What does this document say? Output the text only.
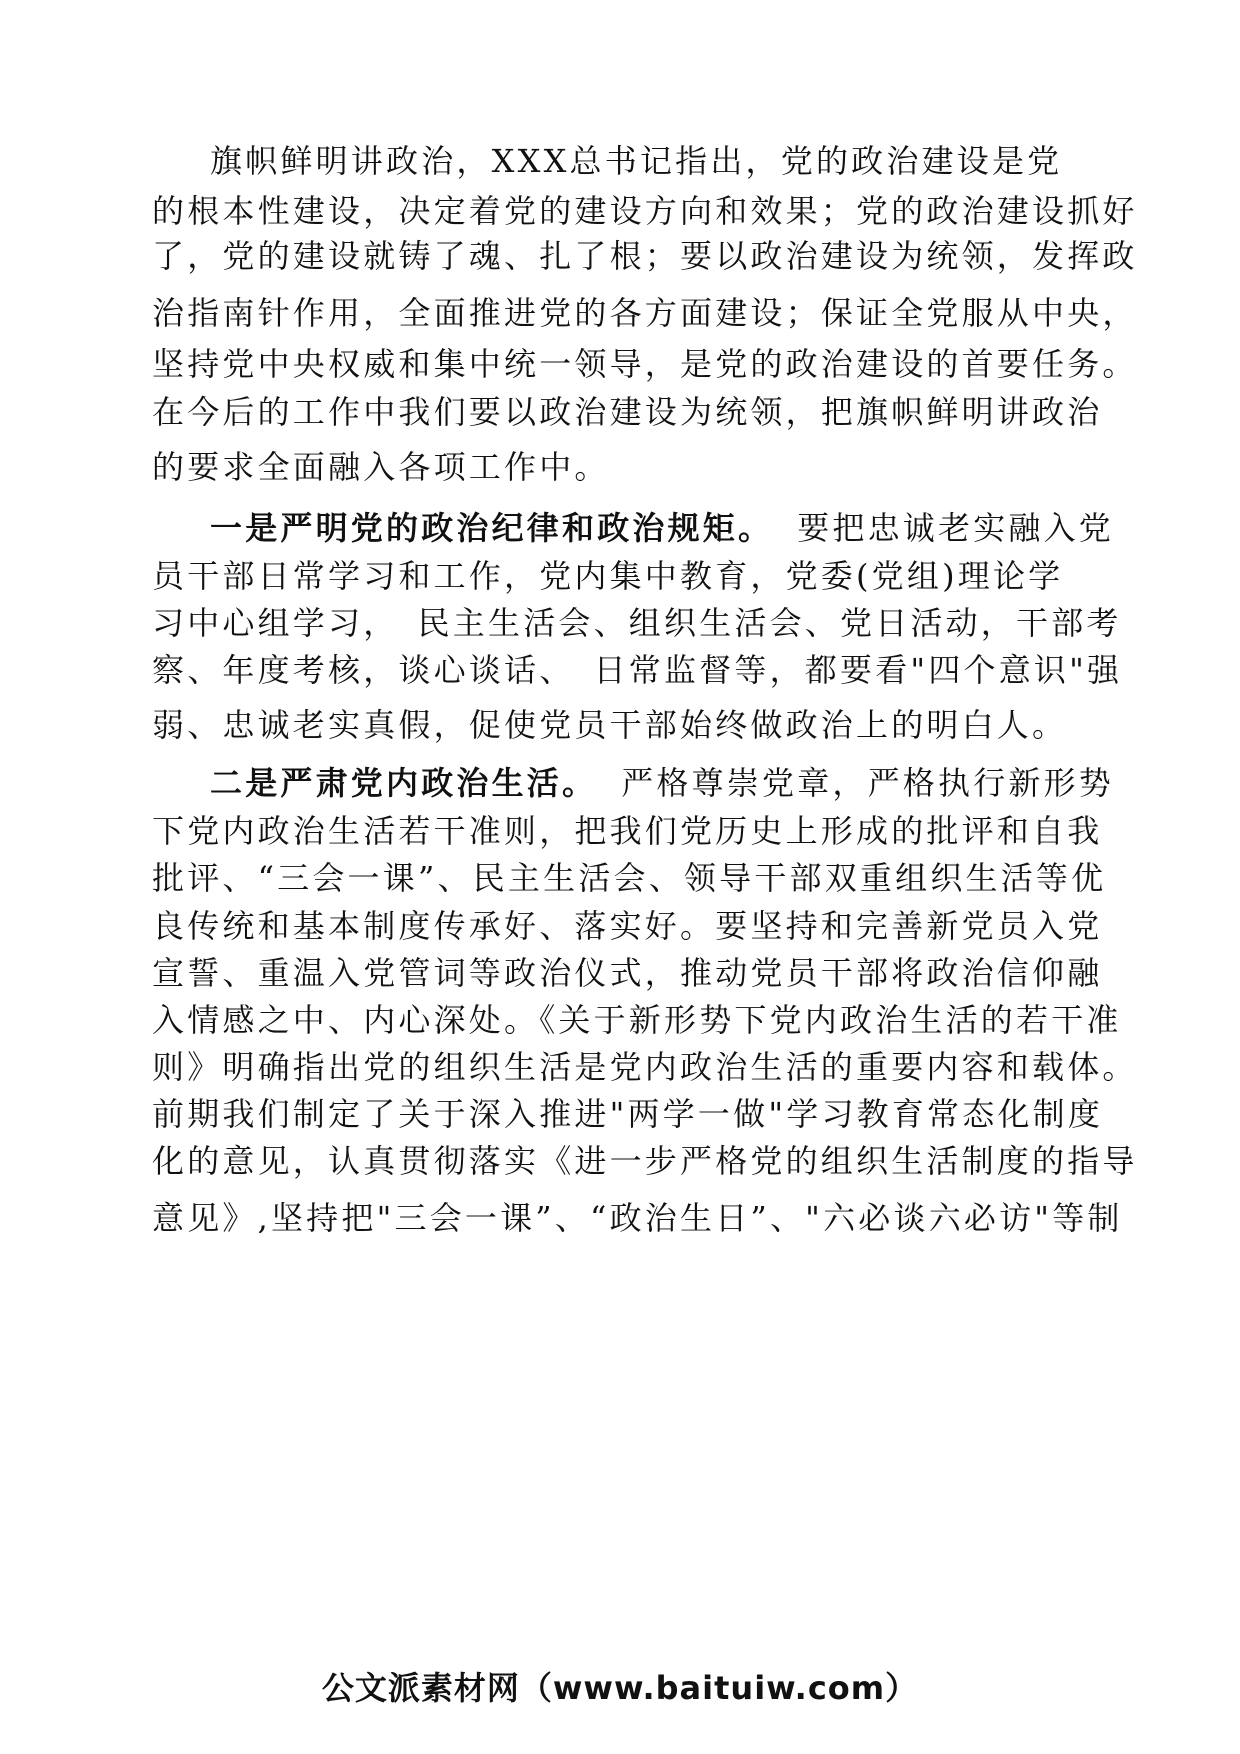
旗帜鲜明讲政治，XXX总书记指出，党的政治建设是党
的根本性建设，决定着党的建设方向和效果；党的政治建设抓好
了，党的建设就铸了魂、扎了根；要以政治建设为统领，发挥政
治指南针作用，全面推进党的各方面建设；保证全党服从中央，
坚持党中央权威和集中统一领导，是党的政治建设的首要任务。
在今后的工作中我们要以政治建设为统领，把旗帜鲜明讲政治
的要求全面融入各项工作中。
一是严明党的政治纪律和政治规矩。 要把忠诚老实融入党
员干部日常学习和工作，党内集中教育，党委(党组)理论学
习中心组学习，　民主生活会、组织生活会、党日活动，干部考
察、年度考核，谈心谈话、　日常监督等，都要看"四个意识"强
弱、忠诚老实真假，促使党员干部始终做政治上的明白人。
二是严肃党内政治生活。 严格尊崇党章，严格执行新形势
下党内政治生活若干准则，把我们党历史上形成的批评和自我
批评、“三会一课”、民主生活会、领导干部双重组织生活等优
良传统和基本制度传承好、落实好。要坚持和完善新党员入党
宣誓、重温入党管词等政治仪式，推动党员干部将政治信仰融
入情感之中、内心深处。《关于新形势下党内政治生活的若干准
则》明确指出党的组织生活是党内政治生活的重要内容和载体。
前期我们制定了关于深入推进"两学一做"学习教育常态化制度
化的意见，认真贯彻落实《进一步严格党的组织生活制度的指导
意见》,坚持把"三会一课”、“政治生日”、"六必谈六必访"等制
公文派素材网（www.baituiw.com）
